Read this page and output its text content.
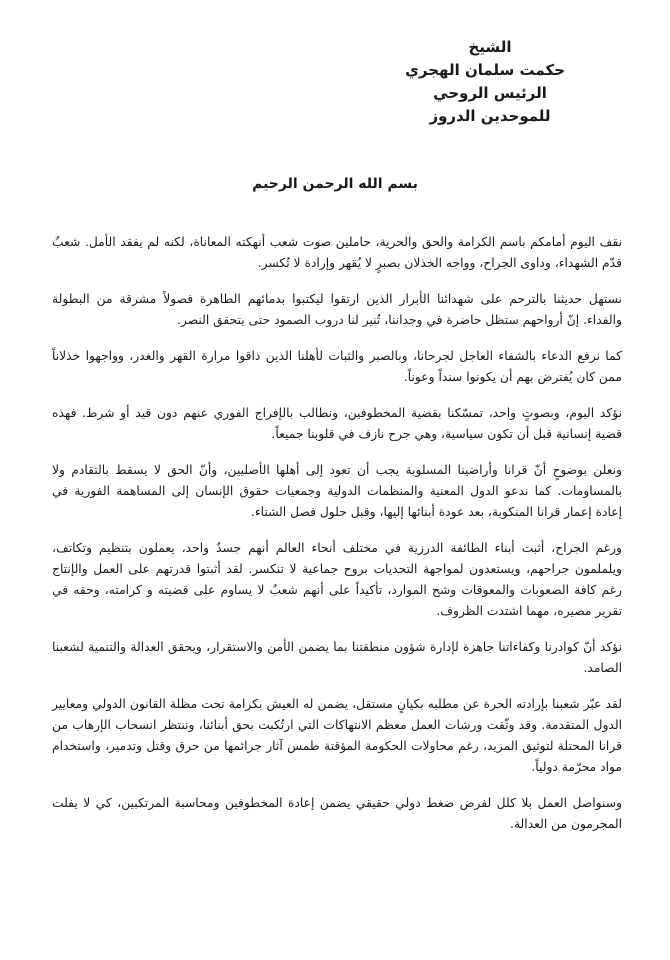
الشيخ
حكمت سلمان الهجري
الرئيس الروحي
للموحدين الدروز
بسم الله الرحمن الرحيم

نقف اليوم أمامكم باسم الكرامة والحق والحرية، حاملين صوت شعب أنهكته المعاناة، لكنه لم يفقد الأمل. شعبٌ قدّم الشهداء، وداوى الجراح، وواجه الخذلان بصبرٍ لا يُقهر وإرادة لا تُكسر.

نستهل حديثنا بالترحم على شهدائنا الأبرار الذين ارتقوا ليكتبوا بدمائهم الطاهرة فصولاً مشرقة من البطولة والفداء. إنّ أرواحهم ستظل حاضرة في وجداننا، تُنير لنا دروب الصمود حتى يتحقق النصر.

كما نرفع الدعاء بالشفاء العاجل لجرحانا، وبالصبر والثبات لأهلنا الذين ذاقوا مرارة القهر والغدر، وواجهوا خذلاناً ممن كان يُفترض بهم أن يكونوا سنداً وعوناً.

نؤكد اليوم، وبصوتٍ واحد، تمسّكنا بقضية المخطوفين، ونطالب بالإفراج الفوري عنهم دون قيد أو شرط. فهذه قضية إنسانية قبل أن تكون سياسية، وهي جرح نازف في قلوبنا جميعاً.

ونعلن بوضوحٍ أنّ قرانا وأراضينا المسلوبة يجب أن تعود إلى أهلها الأصليين، وأنّ الحق لا يسقط بالتقادم ولا بالمساومات. كما ندعو الدول المعنية والمنظمات الدولية وجمعيات حقوق الإنسان إلى المساهمة الفورية في إعادة إعمار قرانا المنكوبة، بعد عودة أبنائها إليها، وقبل حلول فصل الشتاء.

ورغم الجراح، أثبت أبناء الطائفة الدرزية في مختلف أنحاء العالم أنهم جسدٌ واحد، يعملون بتنظيم وتكاتف، ويلملمون جراحهم، ويستعدون لمواجهة التحديات بروح جماعية لا تنكسر. لقد أثبتوا قدرتهم على العمل والإنتاج رغم كافة الصعوبات والمعوقات وشح الموارد، تأكيداً على أنهم شعبٌ لا يساوم على قضيته و كرامته، وحقه في تقرير مصيره، مهما اشتدت الظروف.

نؤكد أنّ كوادرنا وكفاءاتنا جاهزة لإدارة شؤون منطقتنا بما يضمن الأمن والاستقرار، ويحقق العدالة والتنمية لشعبنا الصامد.

لقد عبّر شعبنا بإرادته الحرة عن مطلبه بكيانٍ مستقل، يضمن له العيش بكرامة تحت مظلة القانون الدولي ومعايير الدول المتقدمة. وقد وثّقت ورشات العمل معظم الانتهاكات التي ارتُكبت بحق أبنائنا، وننتظر انسحاب الإرهاب من قرانا المحتلة لتوثيق المزيد، رغم محاولات الحكومة المؤقتة طمس آثار جرائمها من حرق وقتل وتدمير، واستخدام مواد محرّمة دولياً.

وسنواصل العمل بلا كلل لفرض ضغط دولي حقيقي يضمن إعادة المخطوفين ومحاسبة المرتكبين، كي لا يفلت المجرمون من العدالة.
